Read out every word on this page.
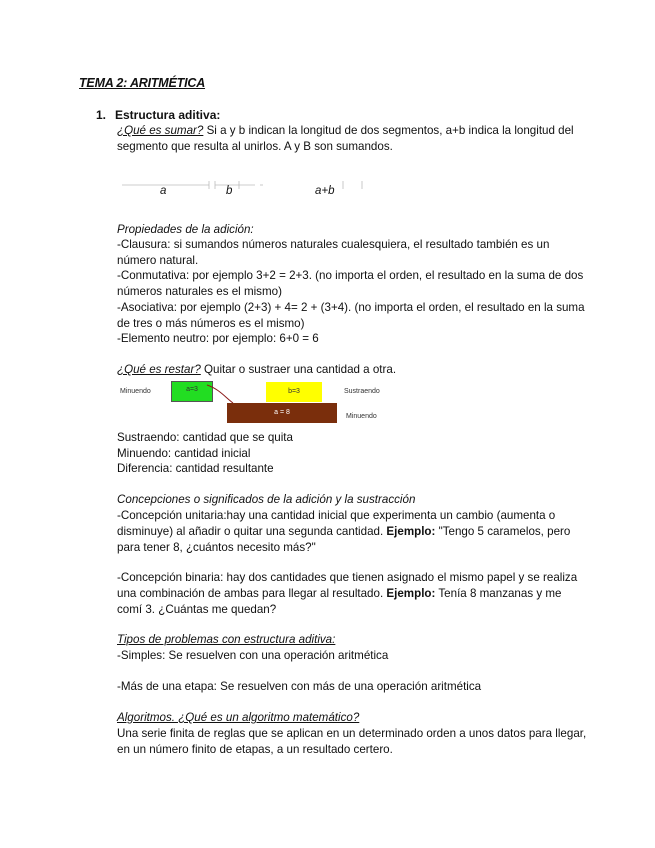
TEMA 2: ARITMÉTICA
1. Estructura aditiva:
¿Qué es sumar? Si a y b indican la longitud de dos segmentos, a+b indica la longitud del segmento que resulta al unirlos. A y B son sumandos.
a	b	a+b
Propiedades de la adición:
-Clausura: si sumandos números naturales cualesquiera, el resultado también es un número natural.
-Conmutativa: por ejemplo 3+2 = 2+3. (no importa el orden, el resultado en la suma de dos números naturales es el mismo)
-Asociativa: por ejemplo (2+3) + 4= 2 + (3+4). (no importa el orden, el resultado en la suma de tres o más números es el mismo)
-Elemento neutro: por ejemplo: 6+0 = 6
¿Qué es restar? Quitar o sustraer una cantidad a otra.
Minuendo	a=3	b=3	Sustraendo
a = 8
Minuendo
Sustraendo: cantidad que se quita
Minuendo: cantidad inicial
Diferencia: cantidad resultante
Concepciones o significados de la adición y la sustracción
-Concepción unitaria:hay una cantidad inicial que experimenta un cambio (aumenta o disminuye) al añadir o quitar una segunda cantidad. Ejemplo: "Tengo 5 caramelos, pero para tener 8, ¿cuántos necesito más?"
-Concepción binaria: hay dos cantidades que tienen asignado el mismo papel y se realiza una combinación de ambas para llegar al resultado. Ejemplo: Tenía 8 manzanas y me comí 3. ¿Cuántas me quedan?
Tipos de problemas con estructura aditiva:
-Simples: Se resuelven con una operación aritmética
-Más de una etapa: Se resuelven con más de una operación aritmética
Algoritmos. ¿Qué es un algoritmo matemático?
Una serie finita de reglas que se aplican en un determinado orden a unos datos para llegar, en un número finito de etapas, a un resultado certero.
